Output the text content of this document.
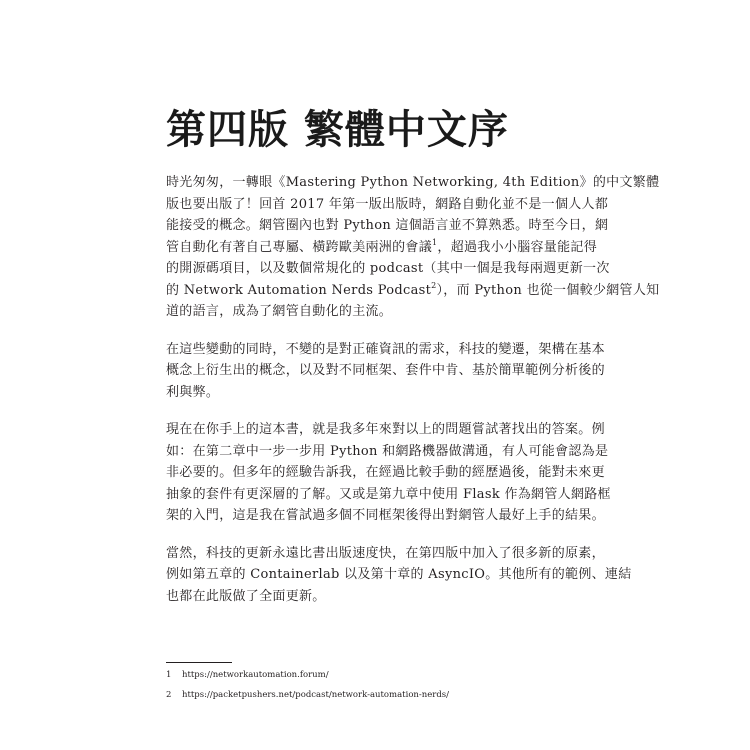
第四版 繁體中文序

時光匆匆，一轉眼《Mastering Python Networking, 4th Edition》的中文繁體
版也要出版了！回首 2017 年第一版出版時，網路自動化並不是一個人人都
能接受的概念。網管圈內也對 Python 這個語言並不算熟悉。時至今日，網
管自動化有著自己專屬、橫跨歐美兩洲的會議$^1$，超過我小小腦容量能記得
的開源碼項目，以及數個常規化的 podcast（其中一個是我每兩週更新一次
的 Network Automation Nerds Podcast$^2$），而 Python 也從一個較少網管人知
道的語言，成為了網管自動化的主流。

在這些變動的同時，不變的是對正確資訊的需求，科技的變遷，架構在基本
概念上衍生出的概念，以及對不同框架、套件中肯、基於簡單範例分析後的
利與弊。

現在在你手上的這本書，就是我多年來對以上的問題嘗試著找出的答案。例
如：在第二章中一步一步用 Python 和網路機器做溝通，有人可能會認為是
非必要的。但多年的經驗告訴我，在經過比較手動的經歷過後，能對未來更
抽象的套件有更深層的了解。又或是第九章中使用 Flask 作為網管人網路框
架的入門，這是我在嘗試過多個不同框架後得出對網管人最好上手的結果。

當然，科技的更新永遠比書出版速度快，在第四版中加入了很多新的原素，
例如第五章的 Containerlab 以及第十章的 AsyncIO。其他所有的範例、連結
也都在此版做了全面更新。

1	https://networkautomation.forum/
2	https://packetpushers.net/podcast/network-automation-nerds/
